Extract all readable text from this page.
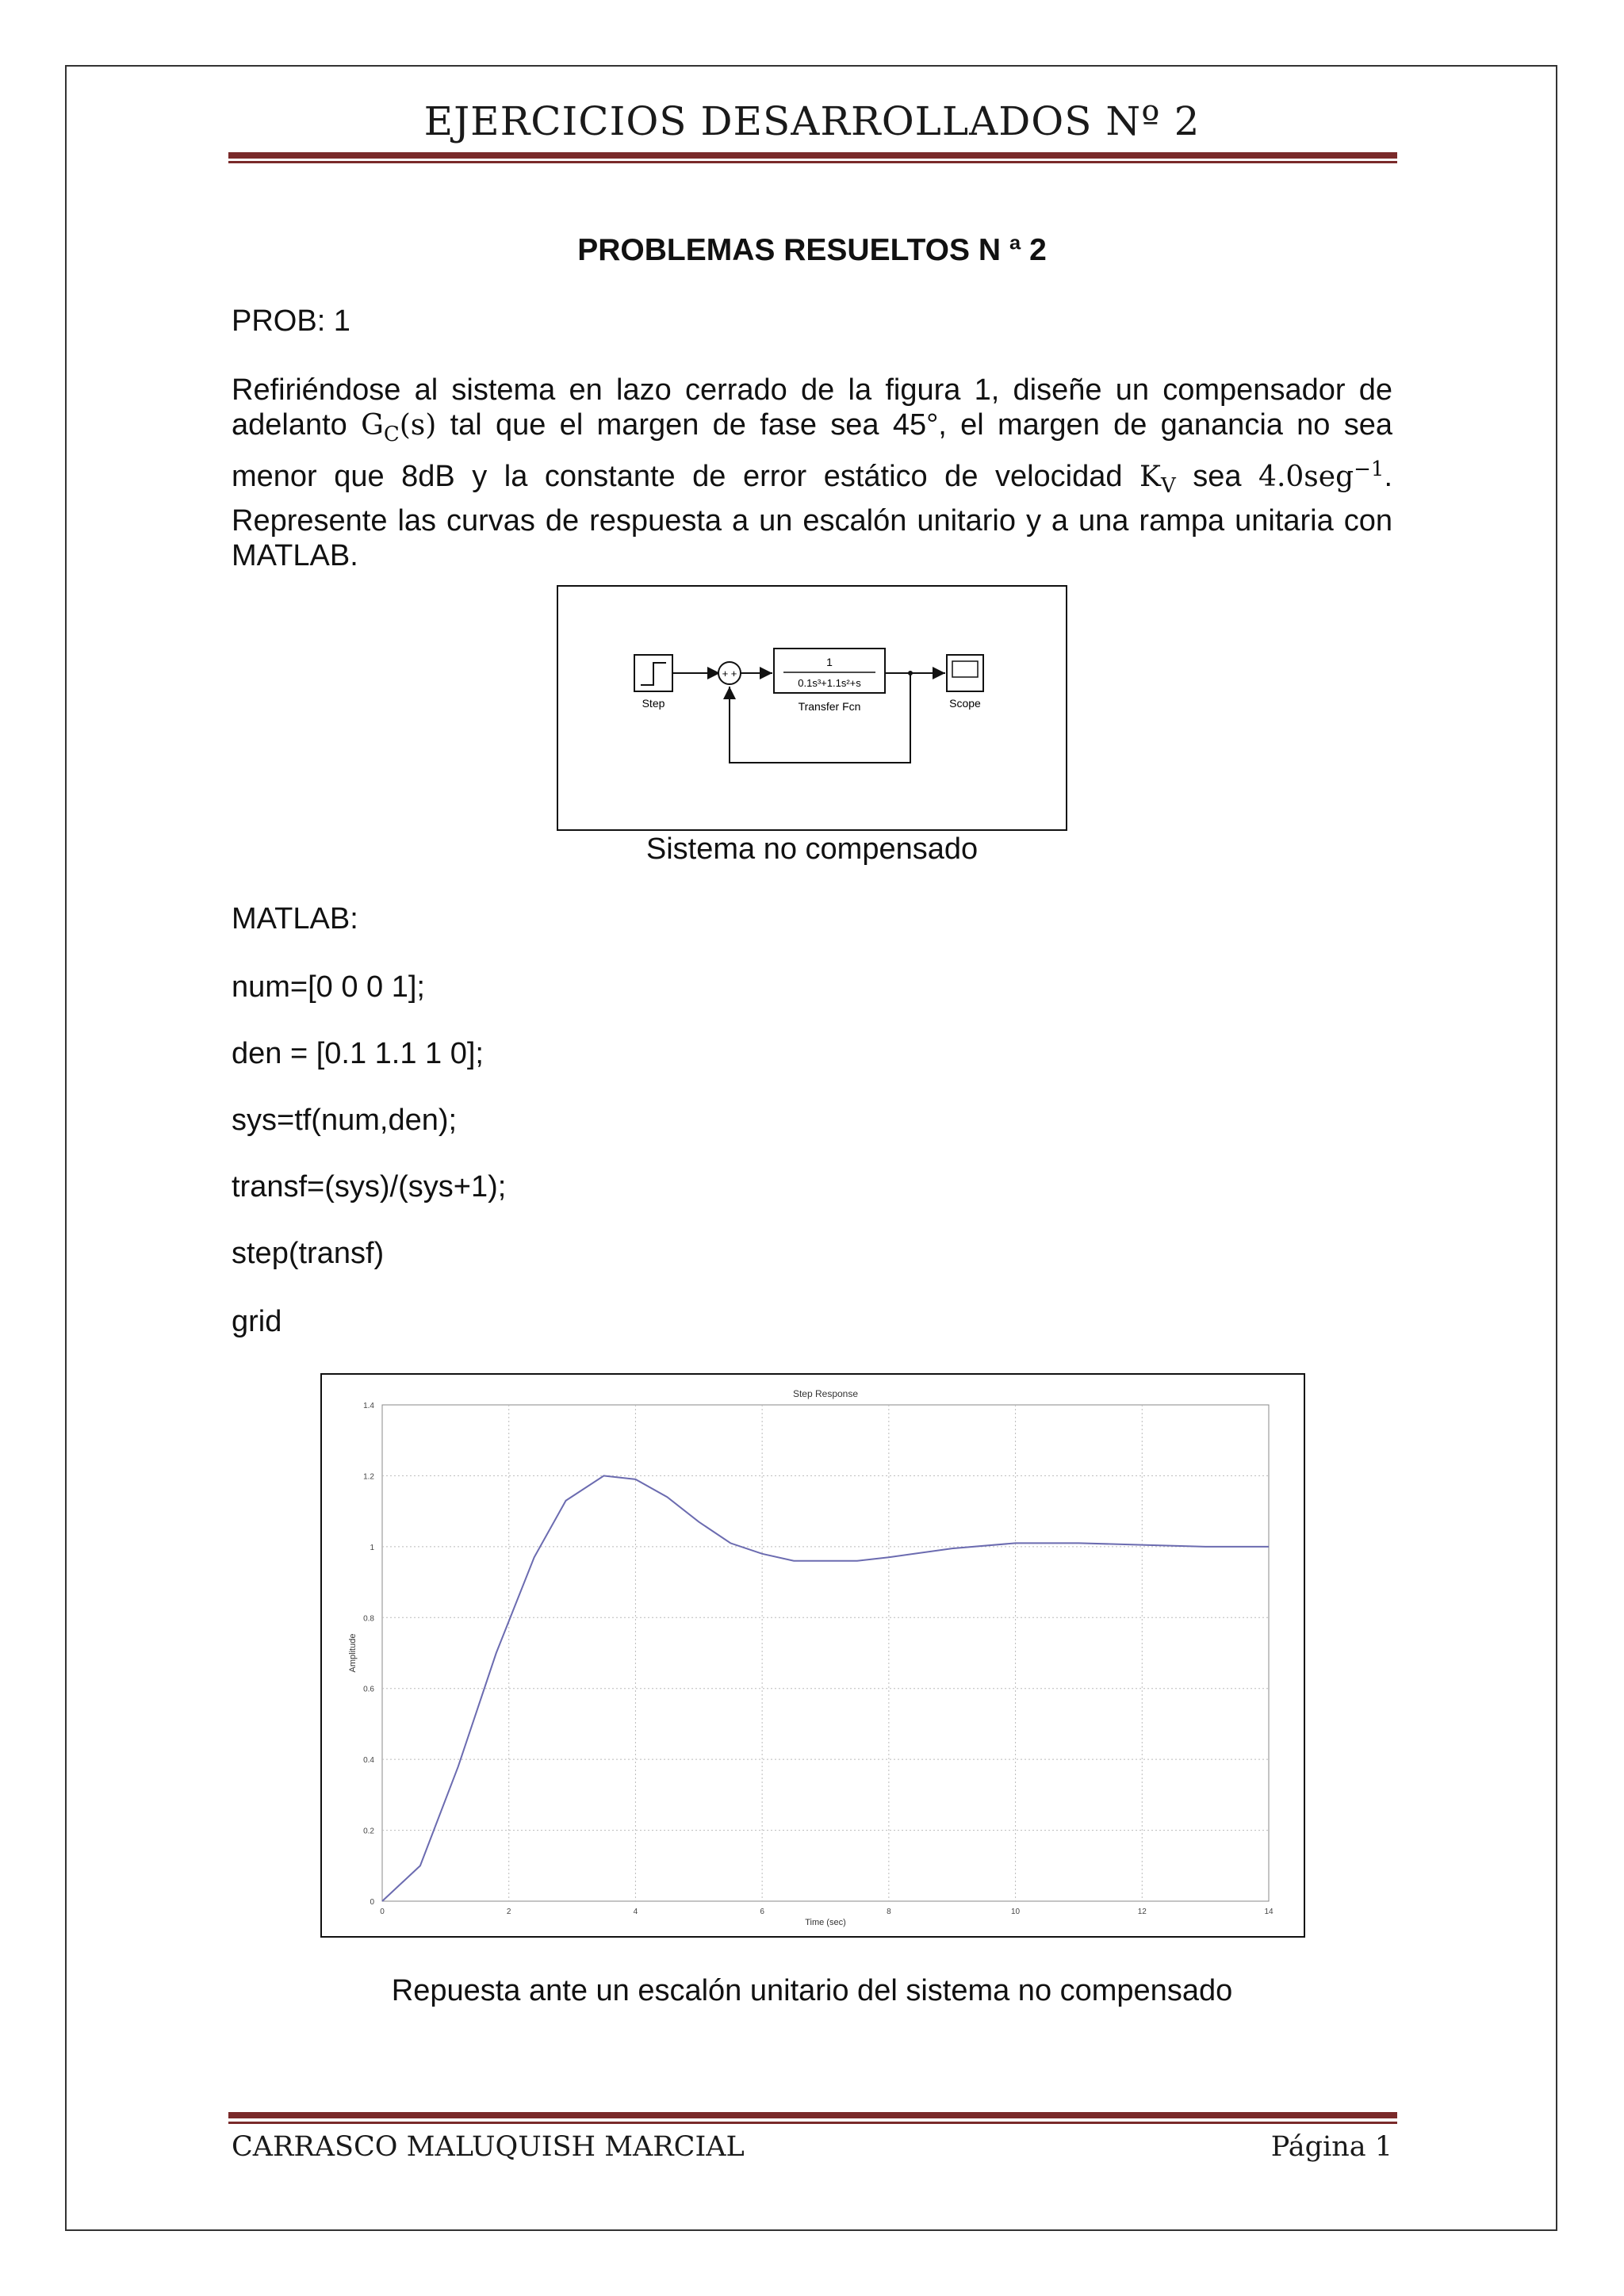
EJERCICIOS DESARROLLADOS Nº 2
PROBLEMAS RESUELTOS N ª 2
PROB: 1
Refiriéndose al sistema en lazo cerrado de la figura 1, diseñe un compensador de adelanto $G_C(s)$ tal que el margen de fase sea 45°, el margen de ganancia no sea menor que 8dB y la constante de error estático de velocidad $K_V$ sea 4.0seg$^{-1}$. Represente las curvas de respuesta a un escalón unitario y a una rampa unitaria con MATLAB.
Step
+ +
1
0.1s³+1.1s²+s
Transfer Fcn	Scope
Sistema no compensado
MATLAB:
num=[0 0 0 1];
den = [0.1 1.1 1 0];
sys=tf(num,den);
transf=(sys)/(sys+1);
step(transf)
grid
Step Response
Time (sec)
Amplitude
0	2	4	6	8	10	12	14
0
0.2
0.4
0.6
0.8
1
1.2
1.4
Repuesta ante un escalón unitario del sistema no compensado
CARRASCO MALUQUISH MARCIAL	Página 1
